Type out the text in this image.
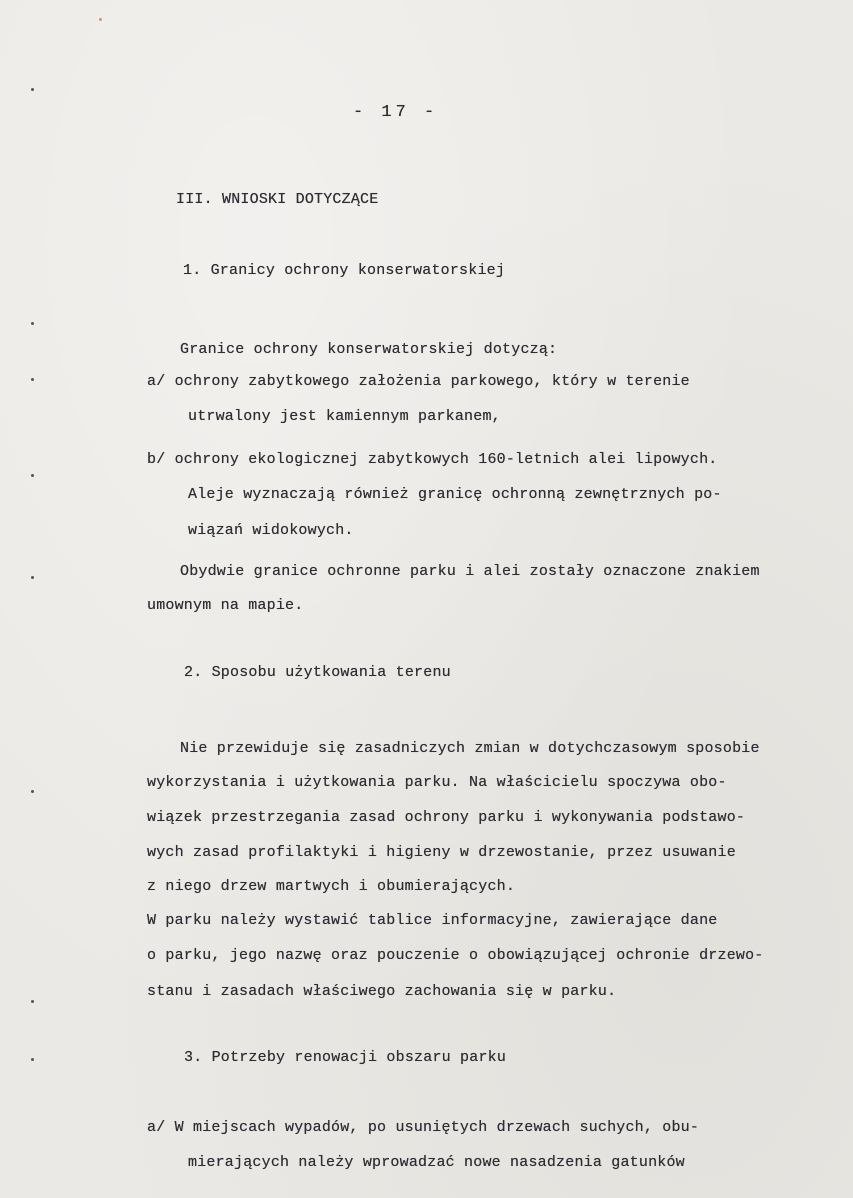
- 17 -
III. WNIOSKI DOTYCZĄCE
1. Granicy ochrony konserwatorskiej
Granice ochrony konserwatorskiej dotyczą:
a/ ochrony zabytkowego założenia parkowego, który w terenie
utrwalony jest kamiennym parkanem,
b/ ochrony ekologicznej zabytkowych 160-letnich alei lipowych.
Aleje wyznaczają również granicę ochronną zewnętrznych po-
wiązań widokowych.
Obydwie granice ochronne parku i alei zostały oznaczone znakiem
umownym na mapie.
2. Sposobu użytkowania terenu
Nie przewiduje się zasadniczych zmian w dotychczasowym sposobie
wykorzystania i użytkowania parku. Na właścicielu spoczywa obo-
wiązek przestrzegania zasad ochrony parku i wykonywania podstawo-
wych zasad profilaktyki i higieny w drzewostanie, przez usuwanie
z niego drzew martwych i obumierających.
W parku należy wystawić tablice informacyjne, zawierające dane
o parku, jego nazwę oraz pouczenie o obowiązującej ochronie drzewo-
stanu i zasadach właściwego zachowania się w parku.
3. Potrzeby renowacji obszaru parku
a/ W miejscach wypadów, po usuniętych drzewach suchych, obu-
mierających należy wprowadzać nowe nasadzenia gatunków
